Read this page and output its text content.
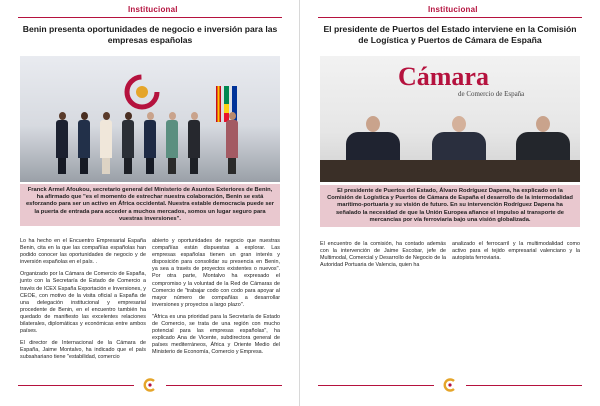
Institucional
Benin presenta oportunidades de negocio e inversión para las empresas españolas
Franck Armel Afoukou, secretario general del Ministerio de Asuntos Exteriores de Benin, ha afirmado que "es el momento de estrechar nuestra colaboración, Benin se está esforzando para ser un activo en África occidental. Nuestra estable democracia puede ser la puerta de entrada para acceder a muchos mercados, somos un lugar seguro para vuestras inversiones".

Lo ha hecho en el Encuentro Empresarial España Benin, cita en la que las compañías españolas han podido conocer las oportunidades de negocio y de inversión españolas en el país. .

Organizado por la Cámara de Comercio de España, junto con la Secretaría de Estado de Comercio a través de ICEX España Exportación e Inversiones, y CEOE, con motivo de la visita oficial a España de una delegación institucional y empresarial procedente de Benin, en el encuentro también ha quedado de manifiesto las excelentes relaciones bilaterales, diplomáticas y económicas entre ambos países.

El director de Internacional de la Cámara de España, Jaime Montalvo, ha indicado que el país subsahariano tiene "estabilidad, comercio

abierto y oportunidades de negocio que nuestras compañías están dispuestas a explorar. Las empresas españolas tienen un gran interés y disposición para consolidar su presencia en Benin, ya sea a través de proyectos existentes o nuevos". Por otra parte, Montalvo ha expresado el compromiso y la voluntad de la Red de Cámaras de Comercio de "trabajar codo con codo para apoyar al mayor número de compañías a desarrollar inversiones y proyectos a largo plazo".

"África es una prioridad para la Secretaría de Estado de Comercio, se trata de una región con mucho potencial para las empresas españolas", ha explicado Ana de Vicente, subdirectora general de países mediterráneos, África y Oriente Medio del Ministerio de Economía, Comercio y Empresa.

Institucional
El presidente de Puertos del Estado interviene en la Comisión de Logística y Puertos de Cámara de España
Cámara
de Comercio de España
El presidente de Puertos del Estado, Álvaro Rodríguez Dapena, ha explicado en la Comisión de Logística y Puertos de Cámara de España el desarrollo de la intermodalidad marítimo-portuaria y su visión de futuro. En su intervención Rodríguez Dapena ha señalado la necesidad de que la Unión Europea afiance el impulso al transporte de mercancías por vía ferroviaria bajo una visión globalizada.

El encuentro de la comisión, ha contado además con la intervención de Jaime Escobar, jefe de Multimodal, Comercial y Desarrollo de Negocio de la Autoridad Portuaria de Valencia, quien ha

analizado el ferrocarril y la multimodalidad como activo para el tejido empresarial valenciano y la autopista ferroviaria.
